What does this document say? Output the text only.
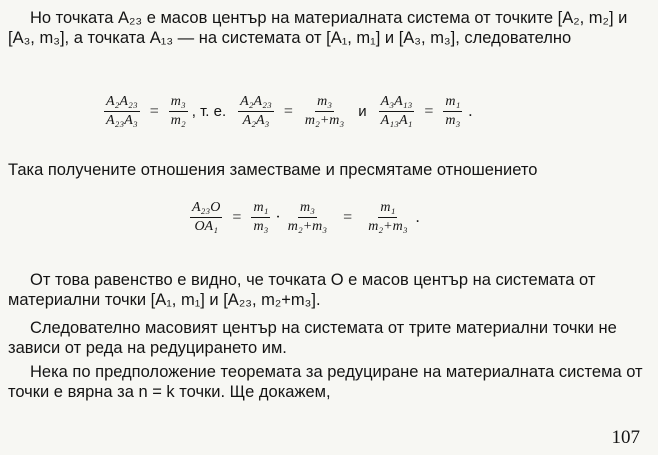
Но точката A₂₃ е масов център на материалната система от точките [A₂, m₂] и [A₃, m₃], а точката A₁₃ — на системата от [A₁, m₁] и [A₃, m₃], следователно
$\frac{\text{A₂A₂₃}}{\text{A₂₃A₃}} = \frac{\text{m₃}}{\text{m₂}}$ , т. е. $\frac{\text{A₂A₂₃}}{\text{A₂A₃}} = \frac{\text{m₃}}{\text{m₂+m₃}}$ и $\frac{\text{A₃A₁₃}}{\text{A₁₃A₁}} = \frac{\text{m₁}}{\text{m₃}}$ .
Така получените отношения заместваме и пресмятаме отношението
$\frac{\text{A₂₃O}}{\text{OA₁}} = \frac{\text{m₁}}{\text{m₃}} \cdot \frac{\text{m₃}}{\text{m₂+m₃}} = \frac{\text{m₁}}{\text{m₂+m₃}}$ .
От това равенство е видно, че точката O е масов център на системата от материални точки [A₁, m₁] и [A₂₃, m₂+m₃].
Следователно масовият център на системата от трите материални точки не зависи от реда на редуцирането им.
Нека по предположение теоремата за редуциране на материалната система от точки е вярна за n = k точки. Ще докажем,
107
